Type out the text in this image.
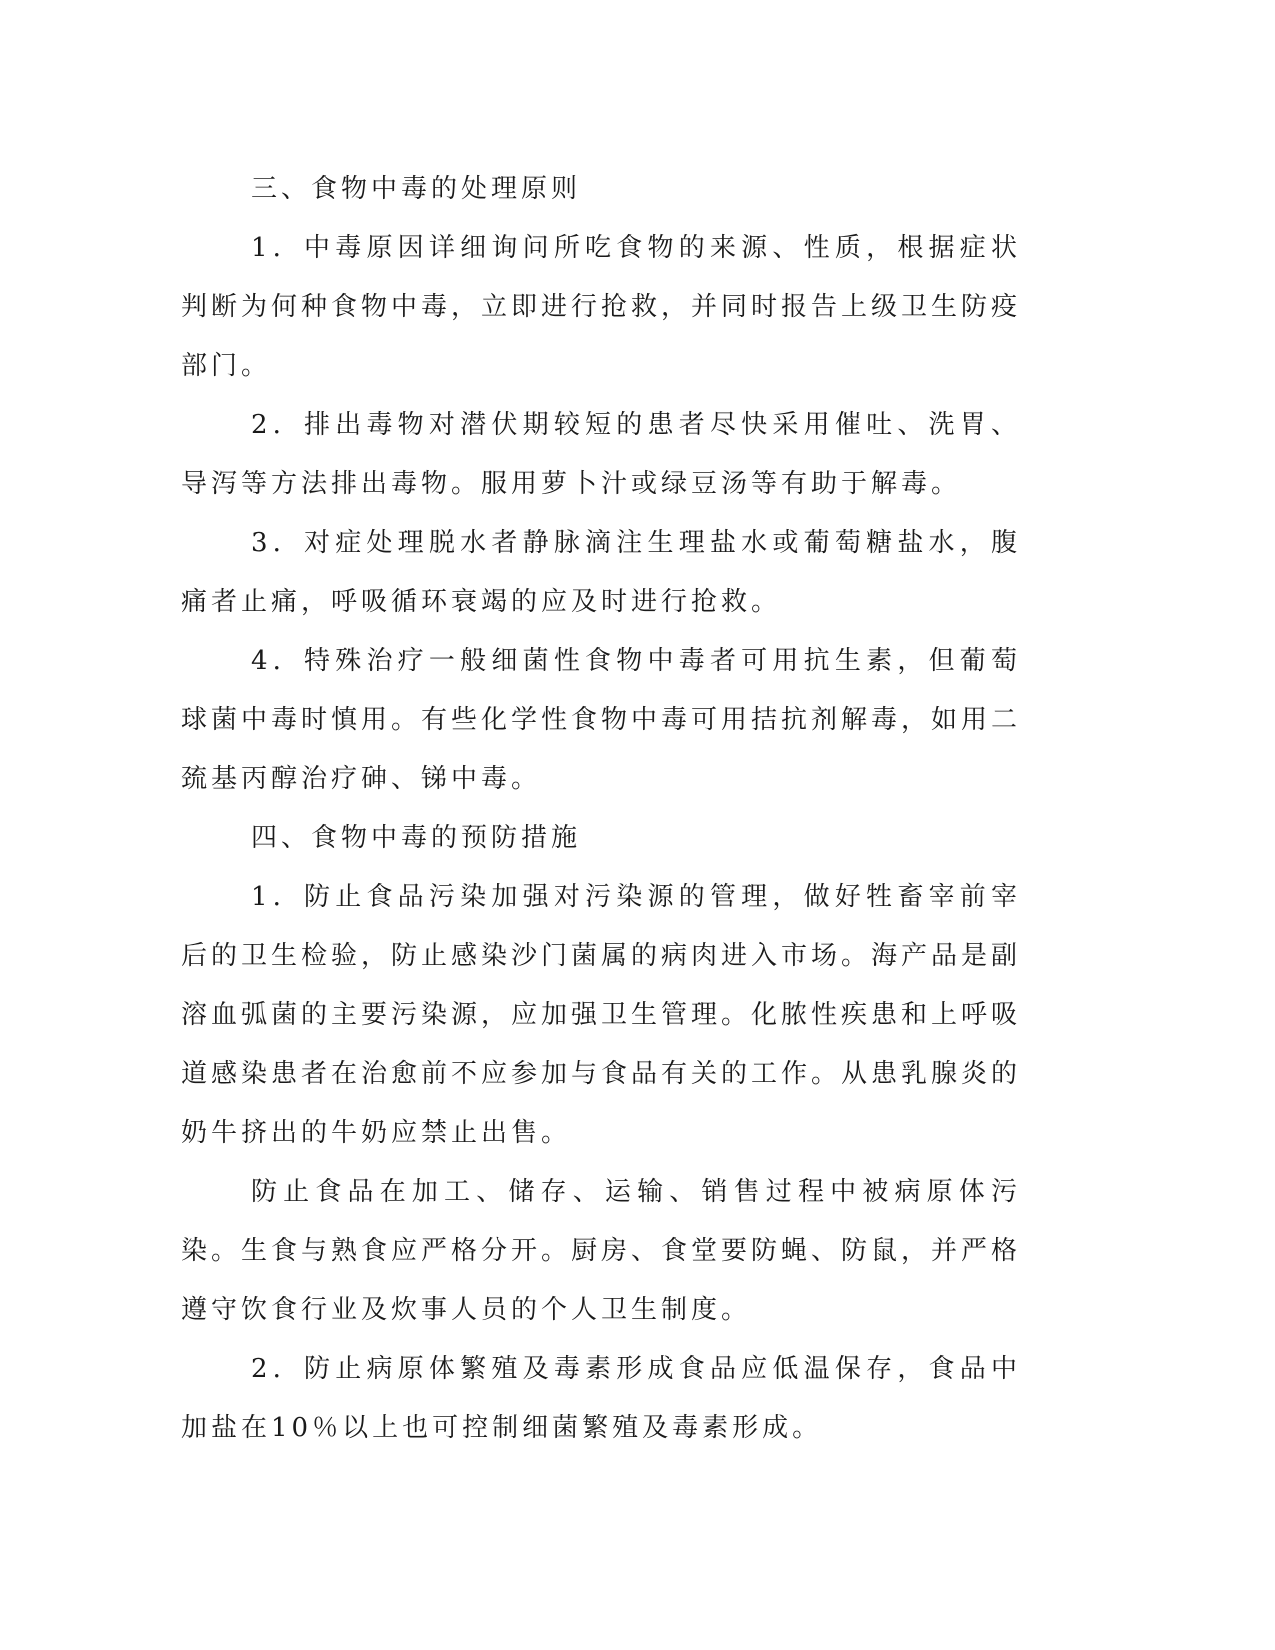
三、食物中毒的处理原则

1．中毒原因详细询问所吃食物的来源、性质，根据症状判断为何种食物中毒，立即进行抢救，并同时报告上级卫生防疫部门。

2．排出毒物对潜伏期较短的患者尽快采用催吐、洗胃、导泻等方法排出毒物。服用萝卜汁或绿豆汤等有助于解毒。

3．对症处理脱水者静脉滴注生理盐水或葡萄糖盐水，腹痛者止痛，呼吸循环衰竭的应及时进行抢救。

4．特殊治疗一般细菌性食物中毒者可用抗生素，但葡萄球菌中毒时慎用。有些化学性食物中毒可用拮抗剂解毒，如用二巯基丙醇治疗砷、锑中毒。

四、食物中毒的预防措施

1．防止食品污染加强对污染源的管理，做好牲畜宰前宰后的卫生检验，防止感染沙门菌属的病肉进入市场。海产品是副溶血弧菌的主要污染源，应加强卫生管理。化脓性疾患和上呼吸道感染患者在治愈前不应参加与食品有关的工作。从患乳腺炎的奶牛挤出的牛奶应禁止出售。

防止食品在加工、储存、运输、销售过程中被病原体污染。生食与熟食应严格分开。厨房、食堂要防蝇、防鼠，并严格遵守饮食行业及炊事人员的个人卫生制度。

2．防止病原体繁殖及毒素形成食品应低温保存，食品中加盐在10％以上也可控制细菌繁殖及毒素形成。
